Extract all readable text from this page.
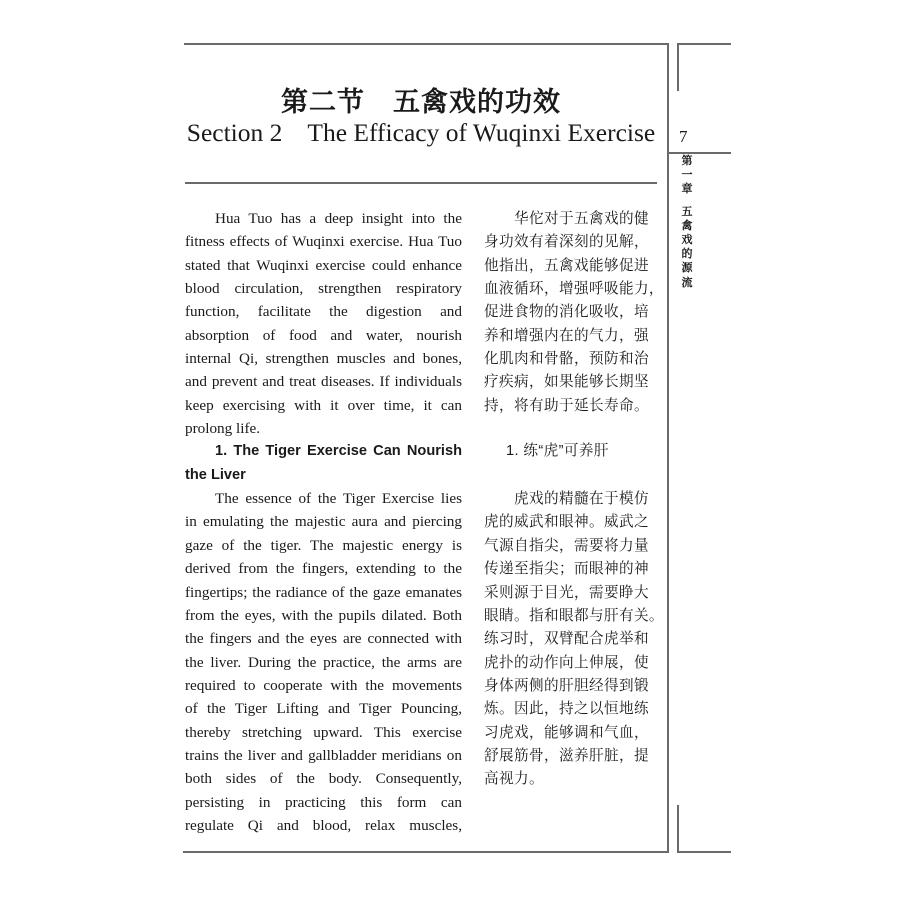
第二节　五禽戏的功效
Section 2    The Efficacy of Wuqinxi Exercise 7
第
一
章
五
禽
戏
的
源
流
Hua Tuo has a deep insight into the
fitness effects of Wuqinxi exercise. Hua Tuo
stated that Wuqinxi exercise could enhance
blood circulation, strengthen respiratory
function, facilitate the digestion and
absorption of food and water, nourish
internal Qi, strengthen muscles and bones,
and prevent and treat diseases. If individuals
keep exercising with it over time, it can
prolong life.
1. The Tiger Exercise Can Nourish
the Liver
The essence of the Tiger Exercise lies
in emulating the majestic aura and piercing
gaze of the tiger. The majestic energy is
derived from the fingers, extending to the
fingertips; the radiance of the gaze emanates
from the eyes, with the pupils dilated. Both
the fingers and the eyes are connected with
the liver. During the practice, the arms are
required to cooperate with the movements
of the Tiger Lifting and Tiger Pouncing,
thereby stretching upward. This exercise
trains the liver and gallbladder meridians on
both sides of the body. Consequently,
persisting in practicing this form can
regulate Qi and blood, relax muscles,
华佗对于五禽戏的健
身功效有着深刻的见解，
他指出，五禽戏能够促进
血液循环，增强呼吸能力，
促进食物的消化吸收，培
养和增强内在的气力，强
化肌肉和骨骼，预防和治
疗疾病，如果能够长期坚
持，将有助于延长寿命。
1. 练“虎”可养肝
虎戏的精髓在于模仿
虎的威武和眼神。威武之
气源自指尖，需要将力量
传递至指尖；而眼神的神
采则源于目光，需要睁大
眼睛。指和眼都与肝有关。
练习时，双臂配合虎举和
虎扑的动作向上伸展，使
身体两侧的肝胆经得到锻
炼。因此，持之以恒地练
习虎戏，能够调和气血，
舒展筋骨，滋养肝脏，提
高视力。
